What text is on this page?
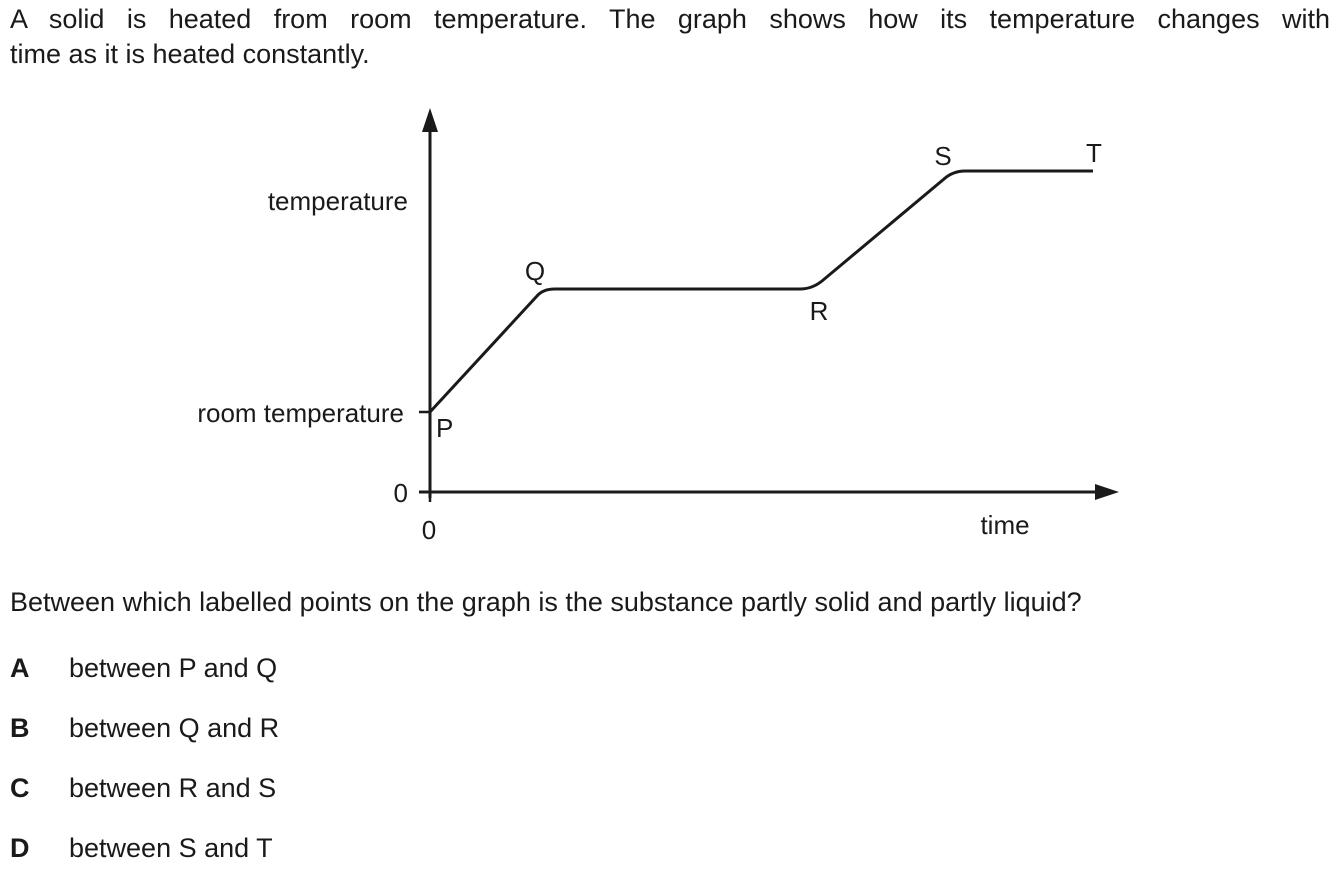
A solid is heated from room temperature. The graph shows how its temperature changes with
time as it is heated constantly.
temperature
time
room temperature
0
0
P
Q
R
S	T

Between which labelled points on the graph is the substance partly solid and partly liquid?

A between P and Q
B between Q and R
C between R and S
D between S and T
